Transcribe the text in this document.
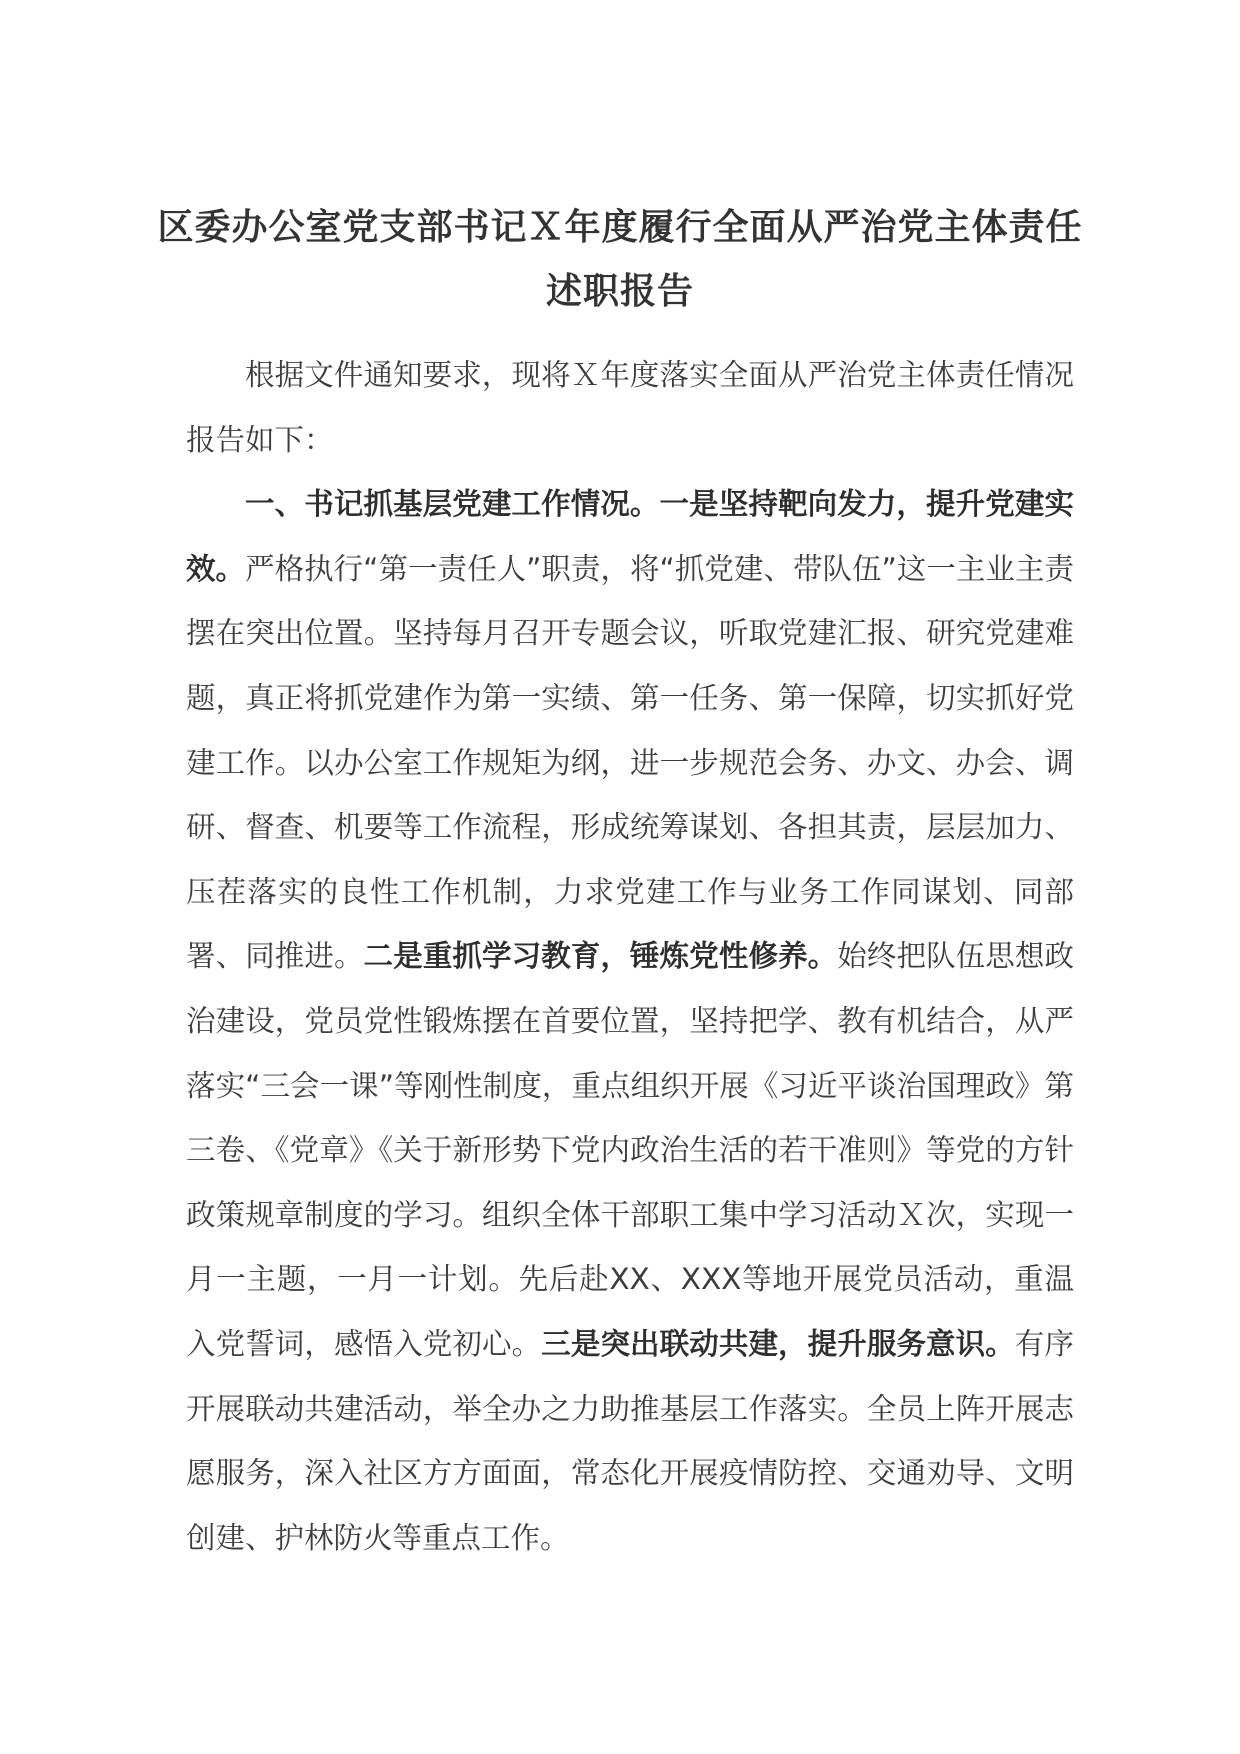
区委办公室党支部书记Ｘ年度履行全面从严治党主体责任
述职报告

根据文件通知要求，现将Ｘ年度落实全面从严治党主体责任情况报告如下：

一、书记抓基层党建工作情况。一是坚持靶向发力，提升党建实效。严格执行“第一责任人”职责，将“抓党建、带队伍”这一主业主责摆在突出位置。坚持每月召开专题会议，听取党建汇报、研究党建难题，真正将抓党建作为第一实绩、第一任务、第一保障，切实抓好党建工作。以办公室工作规矩为纲，进一步规范会务、办文、办会、调研、督查、机要等工作流程，形成统筹谋划、各担其责，层层加力、压茬落实的良性工作机制，力求党建工作与业务工作同谋划、同部署、同推进。二是重抓学习教育，锤炼党性修养。始终把队伍思想政治建设，党员党性锻炼摆在首要位置，坚持把学、教有机结合，从严落实“三会一课”等刚性制度，重点组织开展《习近平谈治国理政》第三卷、《党章》《关于新形势下党内政治生活的若干准则》等党的方针政策规章制度的学习。组织全体干部职工集中学习活动Ｘ次，实现一月一主题，一月一计划。先后赴XX、XXX等地开展党员活动，重温入党誓词，感悟入党初心。三是突出联动共建，提升服务意识。有序开展联动共建活动，举全办之力助推基层工作落实。全员上阵开展志愿服务，深入社区方方面面，常态化开展疫情防控、交通劝导、文明创建、护林防火等重点工作。
